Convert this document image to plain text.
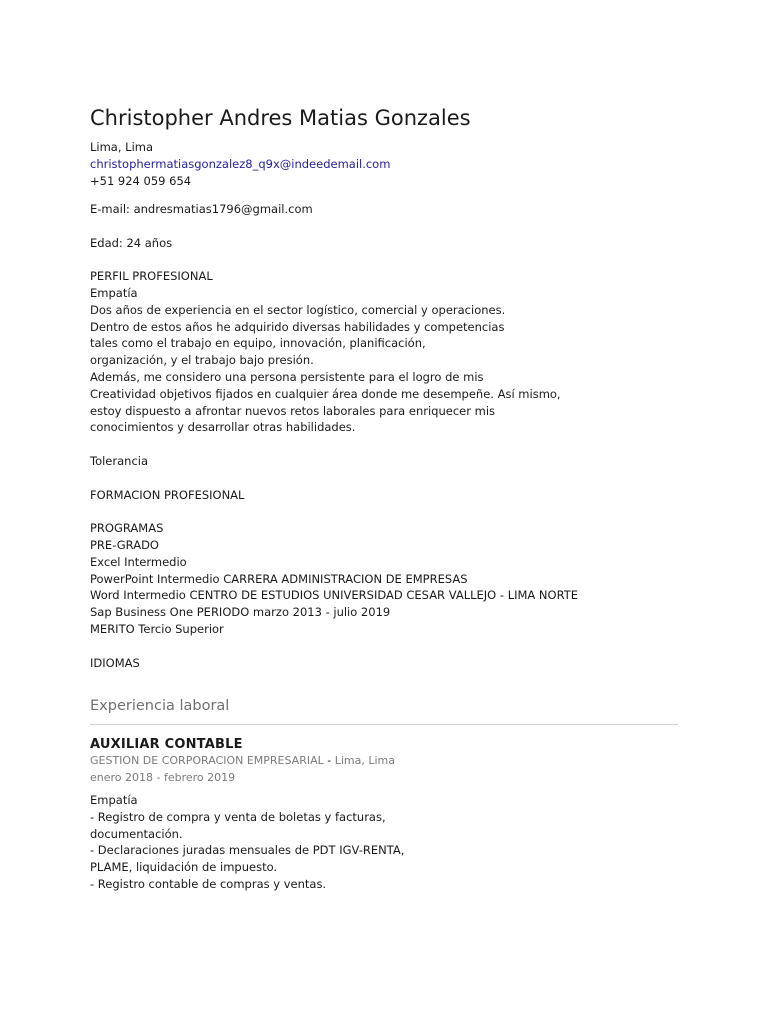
Christopher Andres Matias Gonzales
Lima, Lima
christophermatiasgonzalez8_q9x@indeedemail.com
+51 924 059 654
E-mail: andresmatias1796@gmail.com
Edad: 24 años
PERFIL PROFESIONAL
Empatía
Dos años de experiencia en el sector logístico, comercial y operaciones.
Dentro de estos años he adquirido diversas habilidades y competencias
tales como el trabajo en equipo, innovación, planificación,
organización, y el trabajo bajo presión.
Además, me considero una persona persistente para el logro de mis
Creatividad objetivos fijados en cualquier área donde me desempeñe. Así mismo,
estoy dispuesto a afrontar nuevos retos laborales para enriquecer mis
conocimientos y desarrollar otras habilidades.
Tolerancia
FORMACION PROFESIONAL
PROGRAMAS
PRE-GRADO
Excel Intermedio
PowerPoint Intermedio CARRERA ADMINISTRACION DE EMPRESAS
Word Intermedio CENTRO DE ESTUDIOS UNIVERSIDAD CESAR VALLEJO - LIMA NORTE
Sap Business One PERIODO marzo 2013 - julio 2019
MERITO Tercio Superior
IDIOMAS
Experiencia laboral
AUXILIAR CONTABLE
GESTION DE CORPORACION EMPRESARIAL - Lima, Lima
enero 2018 - febrero 2019
Empatía
- Registro de compra y venta de boletas y facturas,
documentación.
- Declaraciones juradas mensuales de PDT IGV-RENTA,
PLAME, liquidación de impuesto.
- Registro contable de compras y ventas.
